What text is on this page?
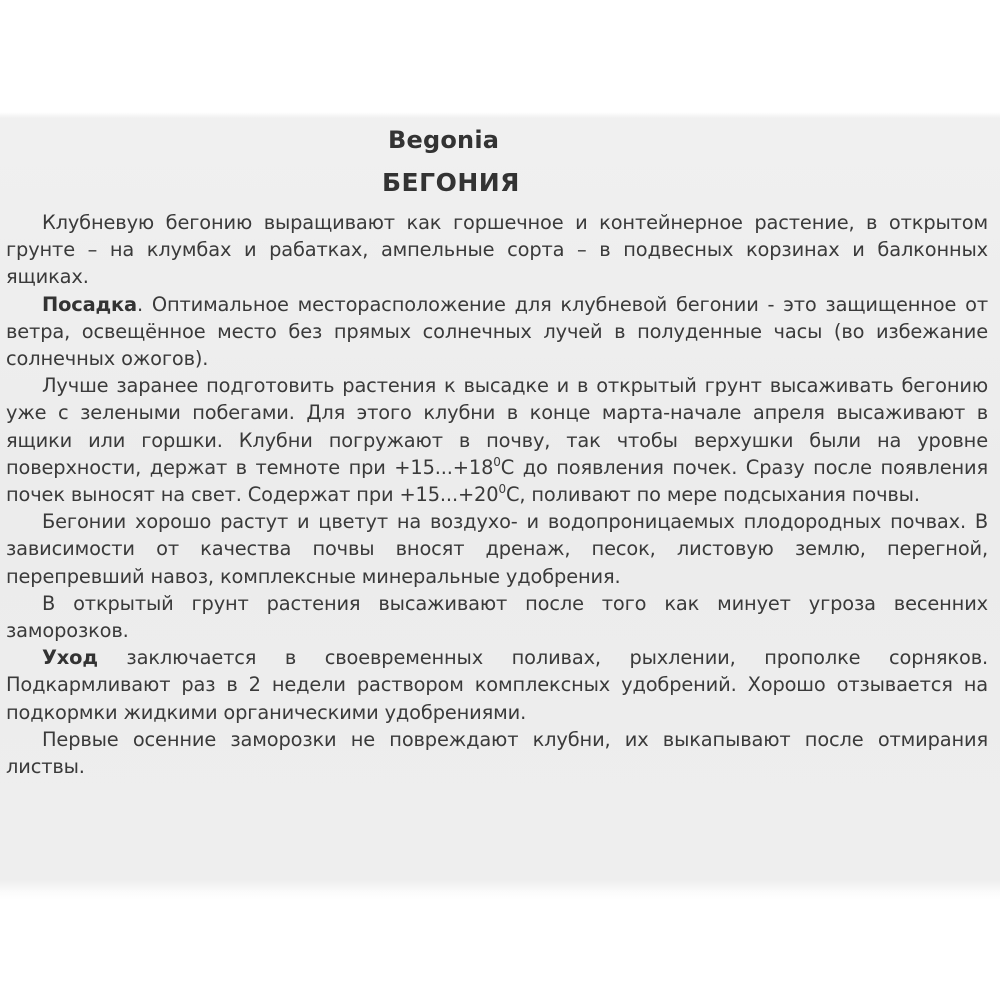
Begonia
БЕГОНИЯ

Клубневую бегонию выращивают как горшечное и контейнерное растение, в открытом грунте – на клумбах и рабатках, ампельные сорта – в подвесных корзинах и балконных ящиках.

Посадка. Оптимальное месторасположение для клубневой бегонии - это защищенное от ветра, освещённое место без прямых солнечных лучей в полуденные часы (во избежание солнечных ожогов).

Лучше заранее подготовить растения к высадке и в открытый грунт высаживать бегонию уже с зелеными побегами. Для этого клубни в конце марта-начале апреля высаживают в ящики или горшки. Клубни погружают в почву, так чтобы верхушки были на уровне поверхности, держат в темноте при $+15...+18^0С$ до появления почек. Сразу после появления почек выносят на свет. Содержат при $+15...+20^0С$, поливают по мере подсыхания почвы.

Бегонии хорошо растут и цветут на воздухо- и водопроницаемых плодородных почвах. В зависимости от качества почвы вносят дренаж, песок, листовую землю, перегной, перепревший навоз, комплексные минеральные удобрения.

В открытый грунт растения высаживают после того как минует угроза весенних заморозков.

Уход заключается в своевременных поливах, рыхлении, прополке сорняков. Подкармливают раз в 2 недели раствором комплексных удобрений. Хорошо отзывается на подкормки жидкими органическими удобрениями.

Первые осенние заморозки не повреждают клубни, их выкапывают после отмирания листвы.
